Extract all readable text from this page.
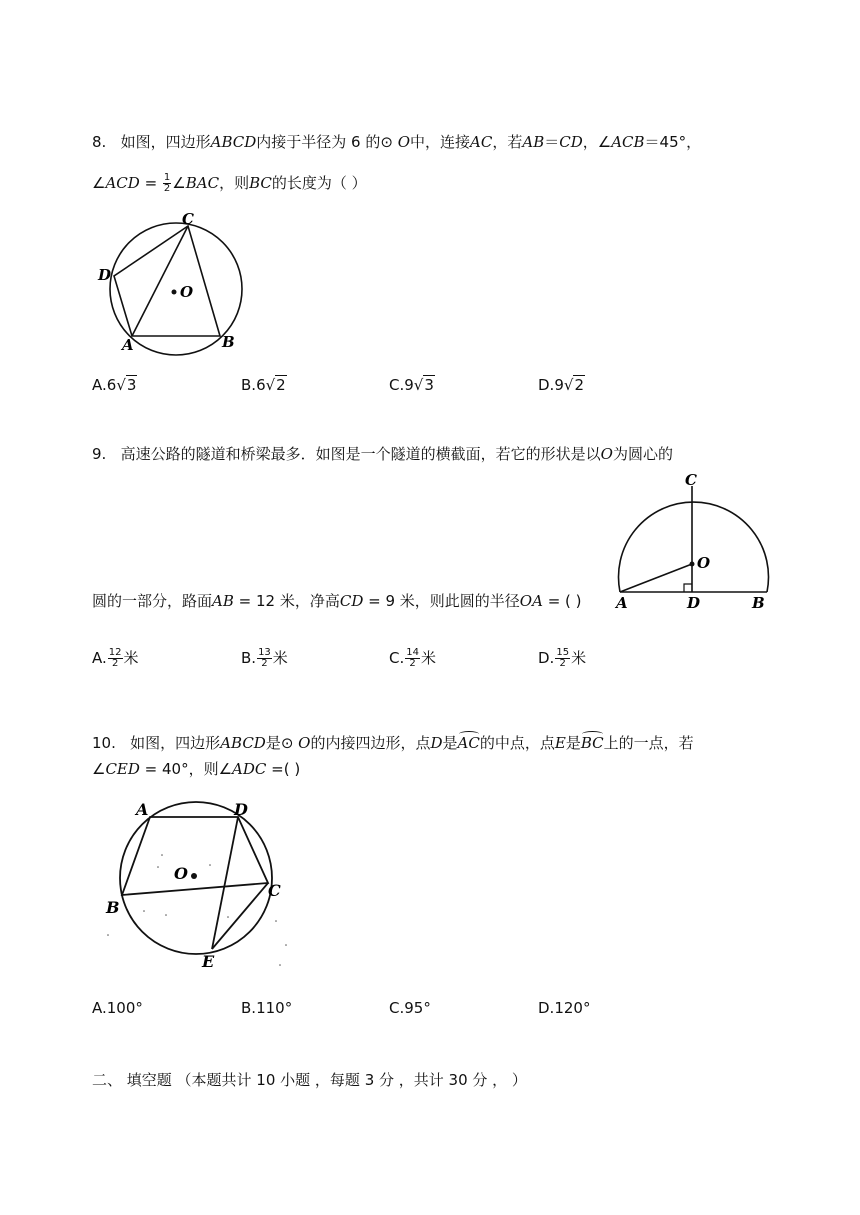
8. 如图，四边形ABCD内接于半径为 6 的⊙ O中，连接AC，若AB＝CD，∠ACB＝45°，
∠ACD = $\frac{1}{2}$ ∠BAC，则BC的长度为（ ）
C
D
O
A	B
A.6√3	B.6√2	C.9√3	D.9√2
9. 高速公路的隧道和桥梁最多．如图是一个隧道的横截面，若它的形状是以O为圆心的
圆的一部分，路面AB = 12 米，净高CD = 9 米，则此圆的半径OA = ( )
C
O
A	D	B
A. $\frac{12}{2}$ 米	B. $\frac{13}{2}$ 米	C. $\frac{14}{2}$ 米	D. $\frac{15}{2}$ 米
10. 如图，四边形ABCD是⊙ O的内接四边形，点D是AC
的中点，点E是BC
上的一点，若
∠CED = 40°，则∠ADC =( )
A	D
O
B
C
E
A.100°	B.110°	C.95°	D.120°
二、 填空题 （本题共计 10 小题 ，每题 3 分 ，共计 30 分 ， ）
